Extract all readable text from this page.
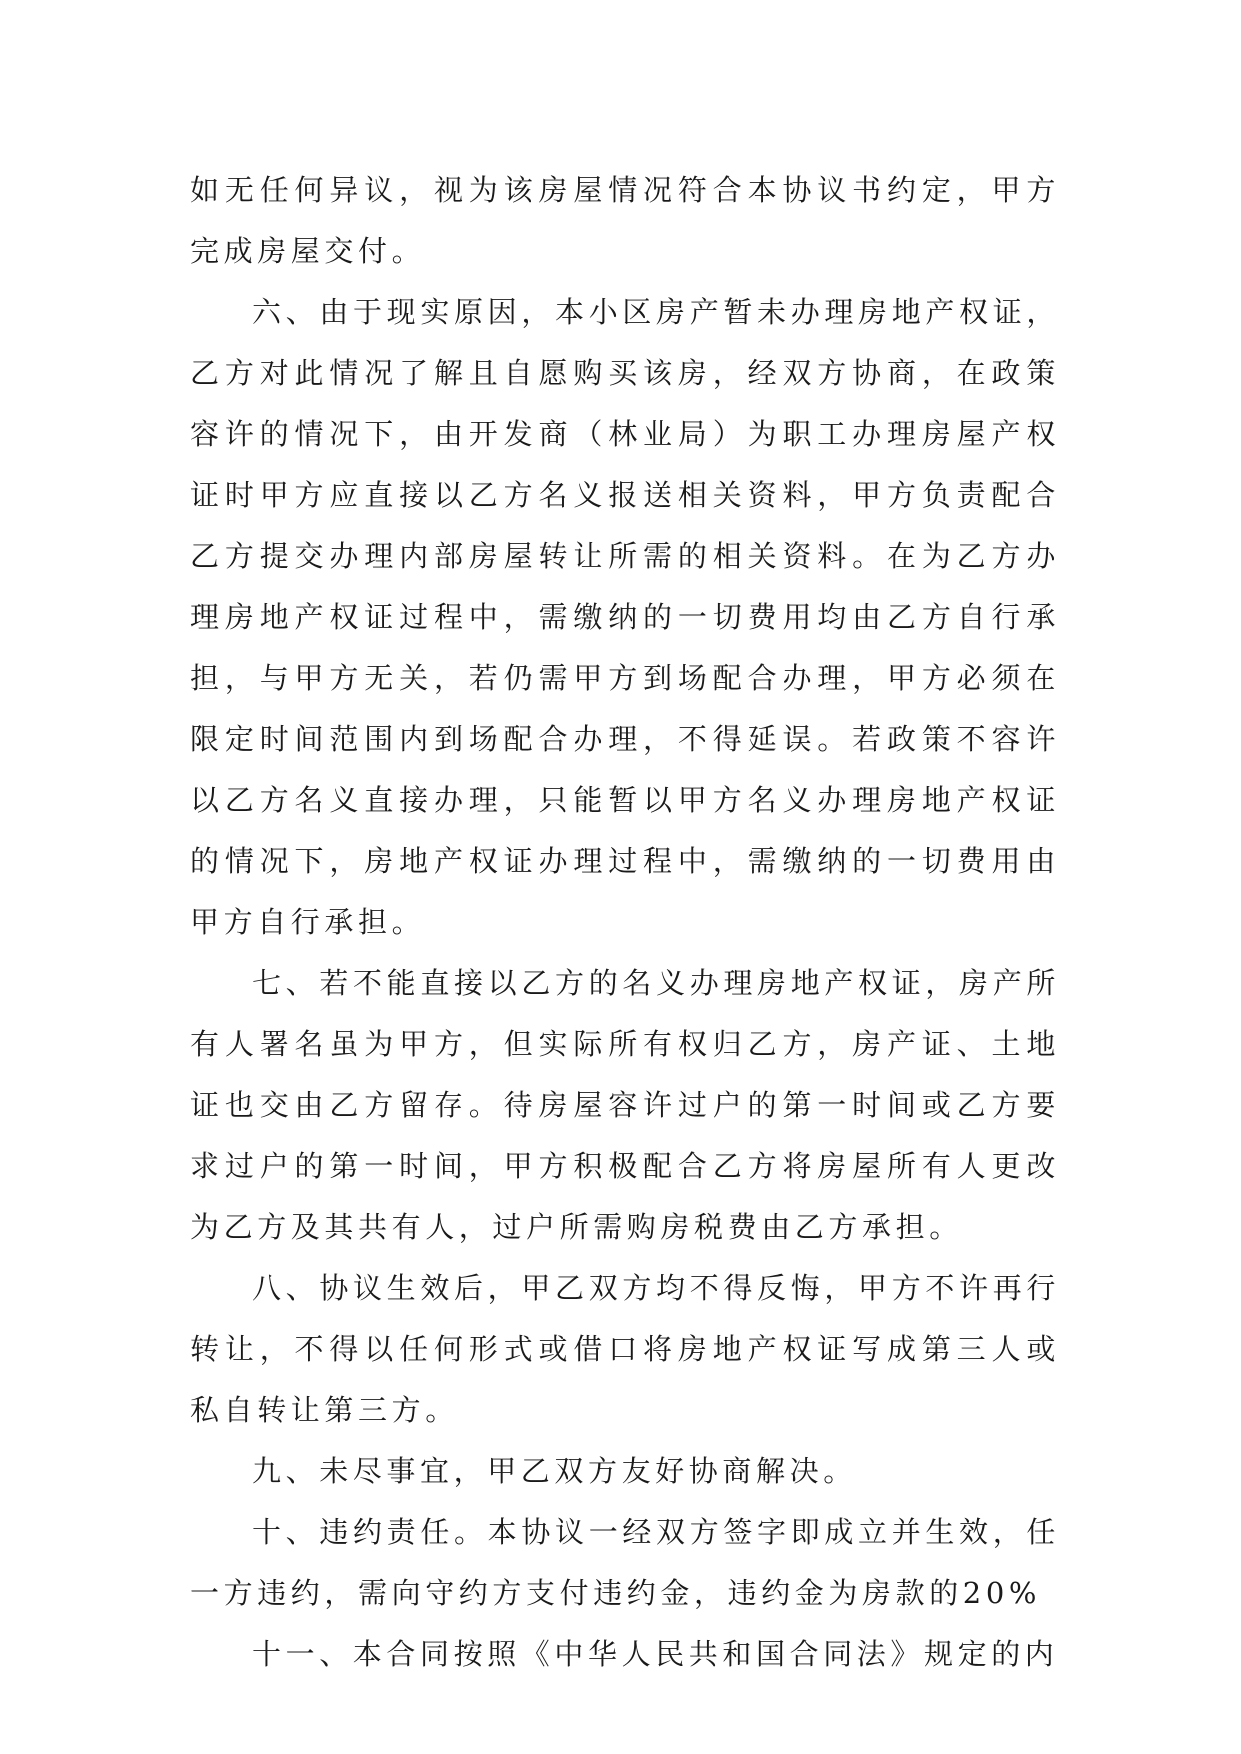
如无任何异议，视为该房屋情况符合本协议书约定，甲方完成房屋交付。

六、由于现实原因，本小区房产暂未办理房地产权证，乙方对此情况了解且自愿购买该房，经双方协商，在政策容许的情况下，由开发商（林业局）为职工办理房屋产权证时甲方应直接以乙方名义报送相关资料，甲方负责配合乙方提交办理内部房屋转让所需的相关资料。在为乙方办理房地产权证过程中，需缴纳的一切费用均由乙方自行承担，与甲方无关，若仍需甲方到场配合办理，甲方必须在限定时间范围内到场配合办理，不得延误。若政策不容许以乙方名义直接办理，只能暂以甲方名义办理房地产权证的情况下，房地产权证办理过程中，需缴纳的一切费用由甲方自行承担。

七、若不能直接以乙方的名义办理房地产权证，房产所有人署名虽为甲方，但实际所有权归乙方，房产证、土地证也交由乙方留存。待房屋容许过户的第一时间或乙方要求过户的第一时间，甲方积极配合乙方将房屋所有人更改为乙方及其共有人，过户所需购房税费由乙方承担。

八、协议生效后，甲乙双方均不得反悔，甲方不许再行转让，不得以任何形式或借口将房地产权证写成第三人或私自转让第三方。

九、未尽事宜，甲乙双方友好协商解决。

十、违约责任。本协议一经双方签字即成立并生效，任一方违约，需向守约方支付违约金，违约金为房款的20%

十一、本合同按照《中华人民共和国合同法》规定的内
